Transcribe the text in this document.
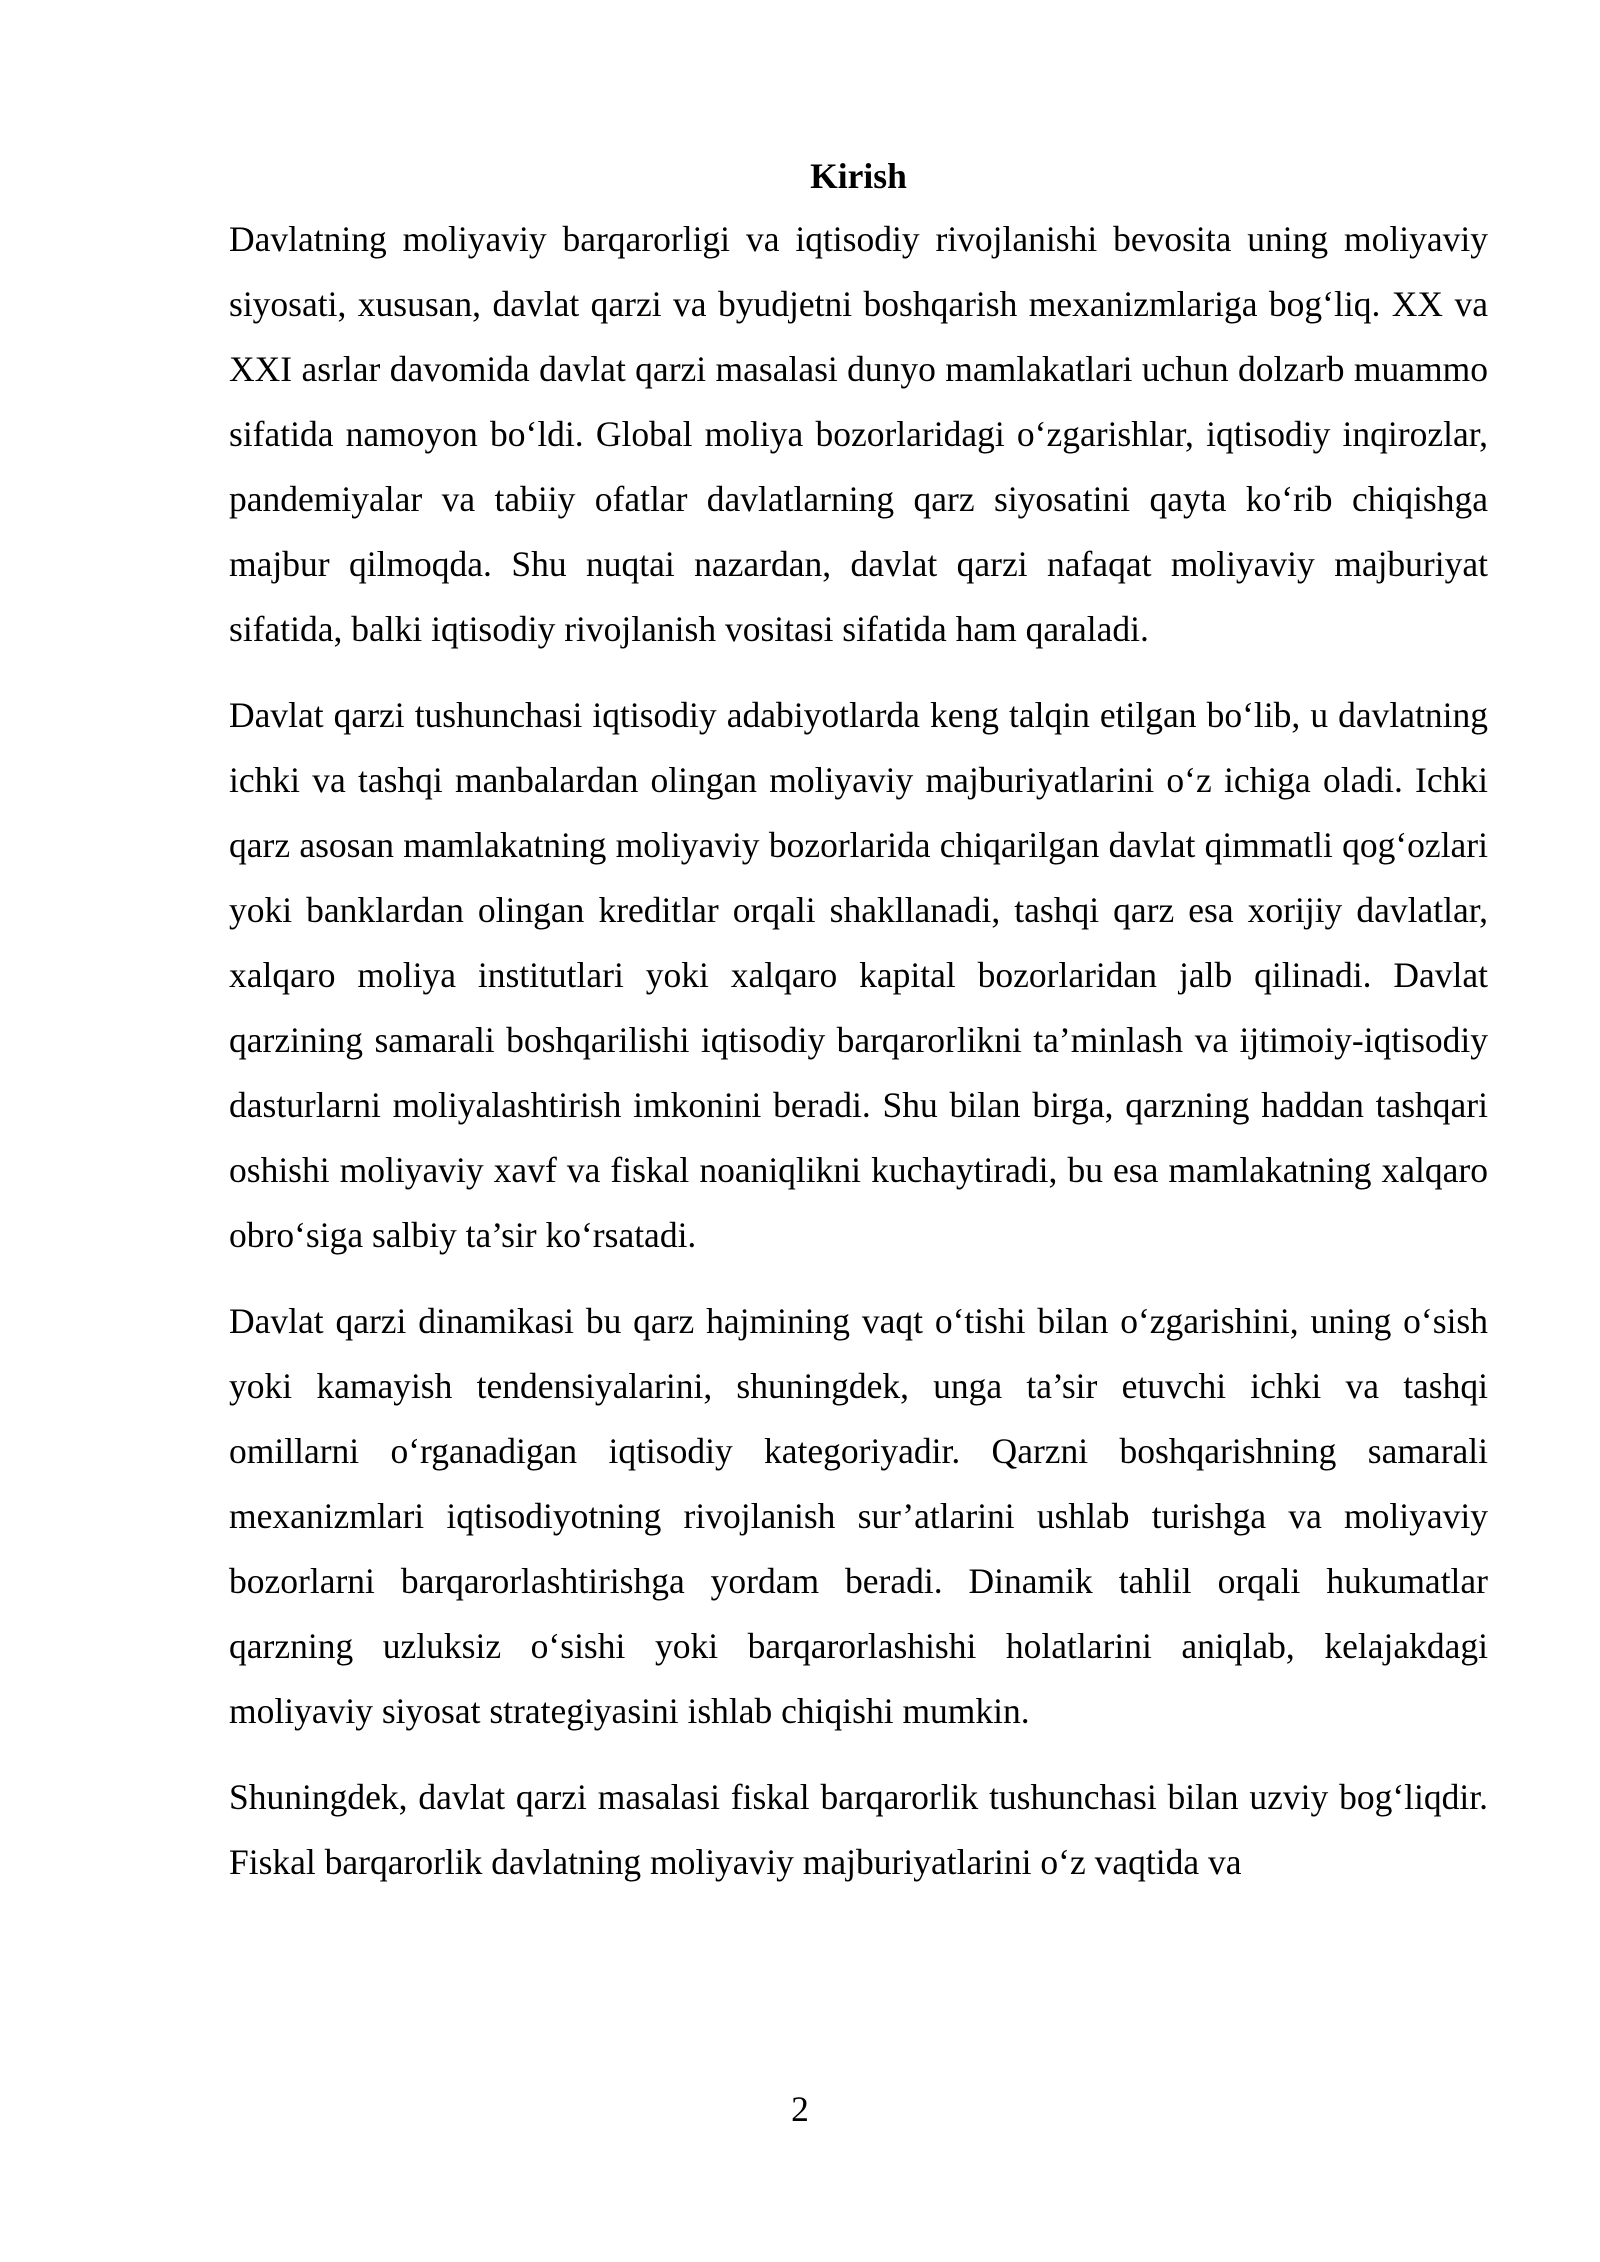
Kirish

Davlatning moliyaviy barqarorligi va iqtisodiy rivojlanishi bevosita uning moliyaviy siyosati, xususan, davlat qarzi va byudjetni boshqarish mexanizmlariga bog‘liq. XX va XXI asrlar davomida davlat qarzi masalasi dunyo mamlakatlari uchun dolzarb muammo sifatida namoyon bo‘ldi. Global moliya bozorlaridagi o‘zgarishlar, iqtisodiy inqirozlar, pandemiyalar va tabiiy ofatlar davlatlarning qarz siyosatini qayta ko‘rib chiqishga majbur qilmoqda. Shu nuqtai nazardan, davlat qarzi nafaqat moliyaviy majburiyat sifatida, balki iqtisodiy rivojlanish vositasi sifatida ham qaraladi.

Davlat qarzi tushunchasi iqtisodiy adabiyotlarda keng talqin etilgan bo‘lib, u davlatning ichki va tashqi manbalardan olingan moliyaviy majburiyatlarini o‘z ichiga oladi. Ichki qarz asosan mamlakatning moliyaviy bozorlarida chiqarilgan davlat qimmatli qog‘ozlari yoki banklardan olingan kreditlar orqali shakllanadi, tashqi qarz esa xorijiy davlatlar, xalqaro moliya institutlari yoki xalqaro kapital bozorlaridan jalb qilinadi. Davlat qarzining samarali boshqarilishi iqtisodiy barqarorlikni ta’minlash va ijtimoiy-iqtisodiy dasturlarni moliyalashtirish imkonini beradi. Shu bilan birga, qarzning haddan tashqari oshishi moliyaviy xavf va fiskal noaniqlikni kuchaytiradi, bu esa mamlakatning xalqaro obro‘siga salbiy ta’sir ko‘rsatadi.

Davlat qarzi dinamikasi bu qarz hajmining vaqt o‘tishi bilan o‘zgarishini, uning o‘sish yoki kamayish tendensiyalarini, shuningdek, unga ta’sir etuvchi ichki va tashqi omillarni o‘rganadigan iqtisodiy kategoriyadir. Qarzni boshqarishning samarali mexanizmlari iqtisodiyotning rivojlanish sur’atlarini ushlab turishga va moliyaviy bozorlarni barqarorlashtirishga yordam beradi. Dinamik tahlil orqali hukumatlar qarzning uzluksiz o‘sishi yoki barqarorlashishi holatlarini aniqlab, kelajakdagi moliyaviy siyosat strategiyasini ishlab chiqishi mumkin.

Shuningdek, davlat qarzi masalasi fiskal barqarorlik tushunchasi bilan uzviy bog‘liqdir. Fiskal barqarorlik davlatning moliyaviy majburiyatlarini o‘z vaqtida va

2
